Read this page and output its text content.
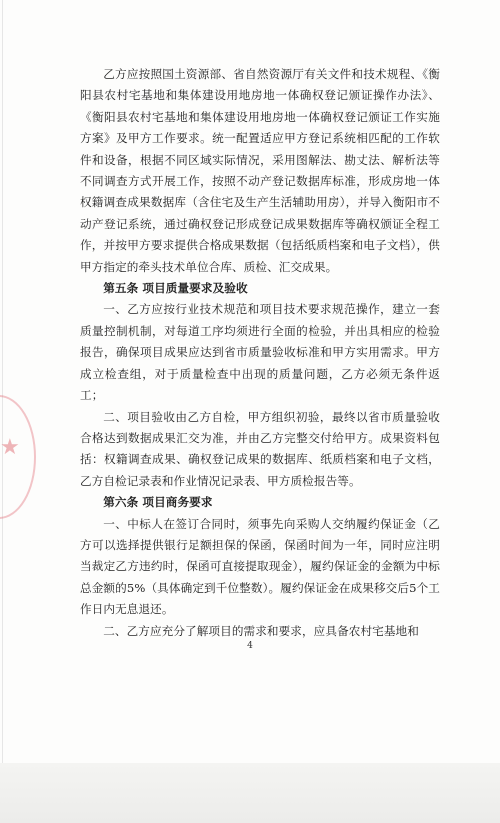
★

乙方应按照国土资源部、省自然资源厅有关文件和技术规程、《衡阳县农村宅基地和集体建设用地房地一体确权登记颁证操作办法》、《衡阳县农村宅基地和集体建设用地房地一体确权登记颁证工作实施方案》及甲方工作要求。统一配置适应甲方登记系统相匹配的工作软件和设备，根据不同区域实际情况，采用图解法、勘丈法、解析法等不同调查方式开展工作，按照不动产登记数据库标准，形成房地一体权籍调查成果数据库（含住宅及生产生活辅助用房），并导入衡阳市不动产登记系统，通过确权登记形成登记成果数据库等确权颁证全程工作，并按甲方要求提供合格成果数据（包括纸质档案和电子文档），供甲方指定的牵头技术单位合库、质检、汇交成果。

第五条 项目质量要求及验收

一、乙方应按行业技术规范和项目技术要求规范操作，建立一套质量控制机制，对每道工序均须进行全面的检验，并出具相应的检验报告，确保项目成果应达到省市质量验收标准和甲方实用需求。甲方成立检查组，对于质量检查中出现的质量问题，乙方必须无条件返工；

二、项目验收由乙方自检，甲方组织初验，最终以省市质量验收合格达到数据成果汇交为准，并由乙方完整交付给甲方。成果资料包括：权籍调查成果、确权登记成果的数据库、纸质档案和电子文档，乙方自检记录表和作业情况记录表、甲方质检报告等。

第六条 项目商务要求

一、中标人在签订合同时，须事先向采购人交纳履约保证金（乙方可以选择提供银行足额担保的保函，保函时间为一年，同时应注明当裁定乙方违约时，保函可直接提取现金），履约保证金的金额为中标总金额的5%（具体确定到千位整数）。履约保证金在成果移交后5个工作日内无息退还。

二、乙方应充分了解项目的需求和要求，应具备农村宅基地和

4
